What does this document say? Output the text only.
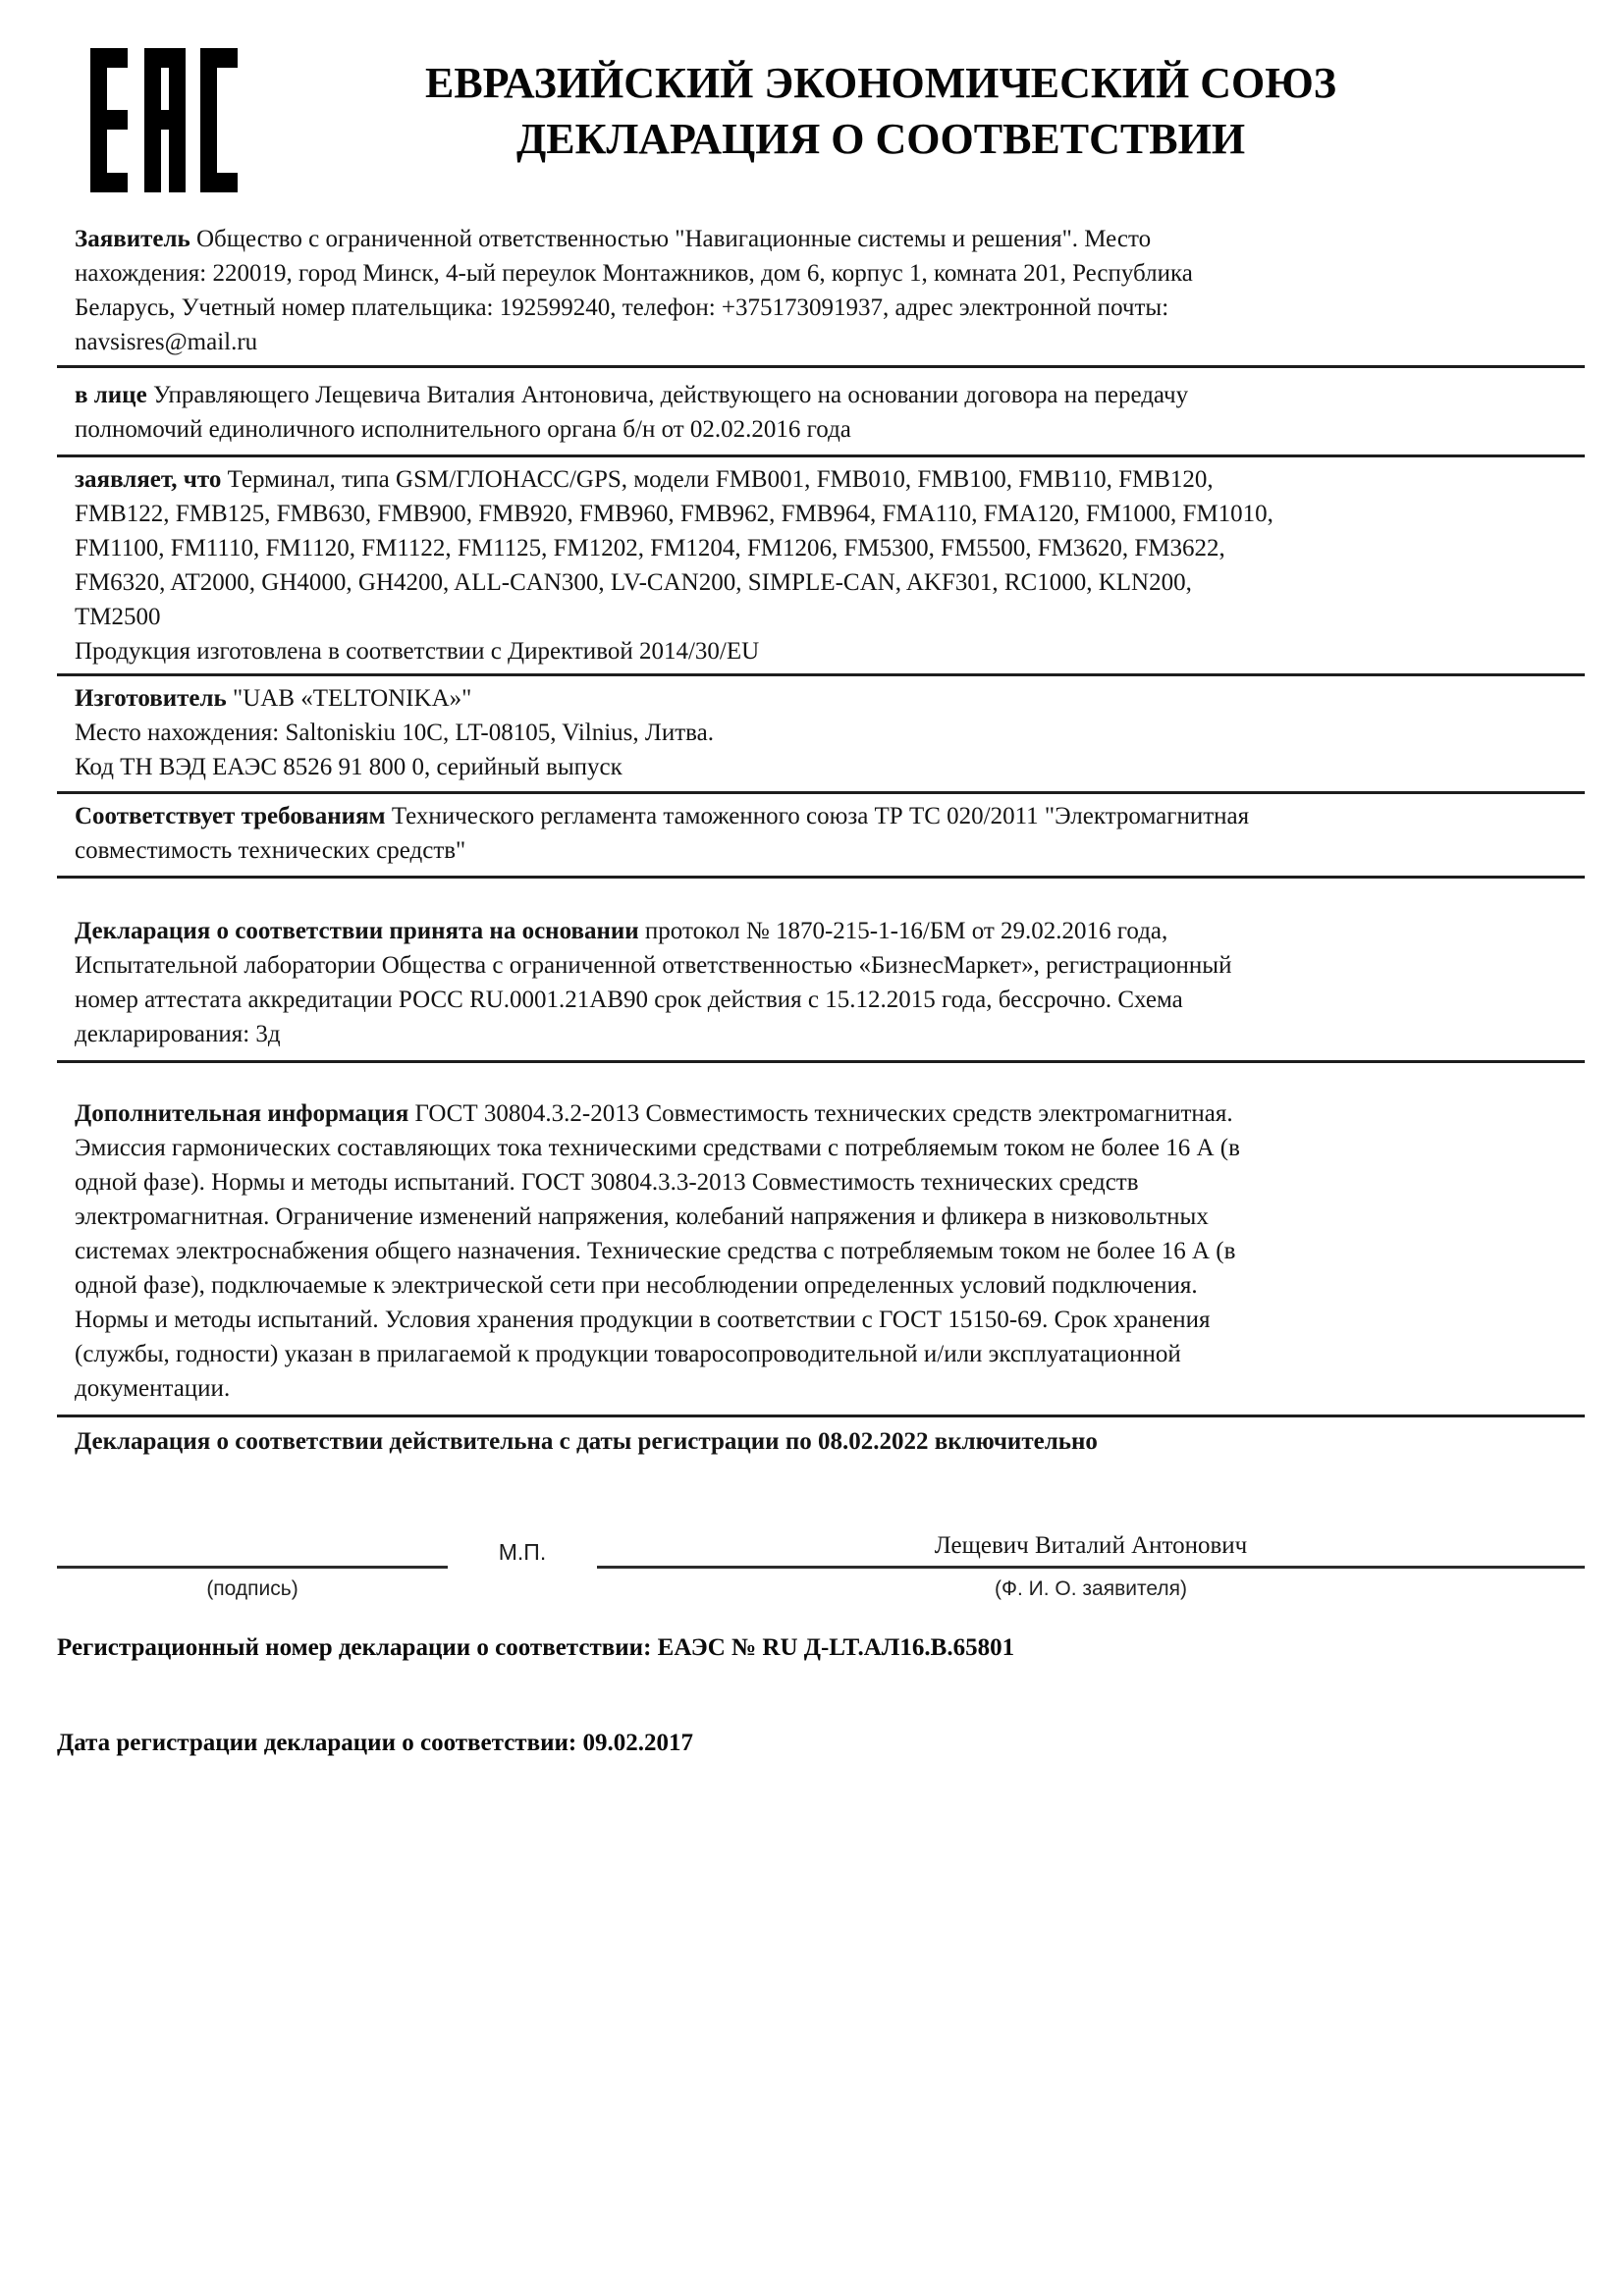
ЕВРАЗИЙСКИЙ ЭКОНОМИЧЕСКИЙ СОЮЗ
ДЕКЛАРАЦИЯ О СООТВЕТСТВИИ
Заявитель Общество с ограниченной ответственностью "Навигационные системы и решения". Место
нахождения: 220019, город Минск, 4-ый переулок Монтажников, дом 6, корпус 1, комната 201, Республика
Беларусь, Учетный номер плательщика: 192599240, телефон: +375173091937, адрес электронной почты:
navsisres@mail.ru
в лице Управляющего Лещевича Виталия Антоновича, действующего на основании договора на передачу
полномочий единоличного исполнительного органа б/н от 02.02.2016 года
заявляет, что Терминал, типа GSM/ГЛОНАСС/GPS, модели FMB001, FMB010, FMB100, FMB110, FMB120,
FMB122, FMB125, FMB630, FMB900, FMB920, FMB960, FMB962, FMB964, FMA110, FMA120, FM1000, FM1010,
FM1100, FM1110, FM1120, FM1122, FM1125, FM1202, FM1204, FM1206, FM5300, FM5500, FM3620, FM3622,
FM6320, AT2000, GH4000, GH4200, ALL-CAN300, LV-CAN200, SIMPLE-CAN, AKF301, RC1000, KLN200,
TM2500
Продукция изготовлена в соответствии с Директивой 2014/30/EU
Изготовитель "UAB «TELTONIKA»"
Место нахождения: Saltoniskiu 10C, LT-08105, Vilnius, Литва.
Код ТН ВЭД ЕАЭС 8526 91 800 0, серийный выпуск
Соответствует требованиям Технического регламента таможенного союза ТР ТС 020/2011 "Электромагнитная
совместимость технических средств"
Декларация о соответствии принята на основании протокол № 1870-215-1-16/БМ от 29.02.2016 года,
Испытательной лаборатории Общества с ограниченной ответственностью «БизнесМаркет», регистрационный
номер аттестата аккредитации РОСС RU.0001.21АВ90 срок действия с 15.12.2015 года, бессрочно. Схема
декларирования: 3д
Дополнительная информация ГОСТ 30804.3.2-2013 Совместимость технических средств электромагнитная.
Эмиссия гармонических составляющих тока техническими средствами с потребляемым током не более 16 А (в
одной фазе). Нормы и методы испытаний. ГОСТ 30804.3.3-2013 Совместимость технических средств
электромагнитная. Ограничение изменений напряжения, колебаний напряжения и фликера в низковольтных
системах электроснабжения общего назначения. Технические средства с потребляемым током не более 16 А (в
одной фазе), подключаемые к электрической сети при несоблюдении определенных условий подключения.
Нормы и методы испытаний. Условия хранения продукции в соответствии с ГОСТ 15150-69. Срок хранения
(службы, годности) указан в прилагаемой к продукции товаросопроводительной и/или эксплуатационной
документации.
Декларация о соответствии действительна с даты регистрации по 08.02.2022 включительно
(подпись)
М.П.	Лещевич Виталий Антонович
(Ф. И. О. заявителя)
Регистрационный номер декларации о соответствии: ЕАЭС № RU Д-LT.АЛ16.В.65801
Дата регистрации декларации о соответствии: 09.02.2017
